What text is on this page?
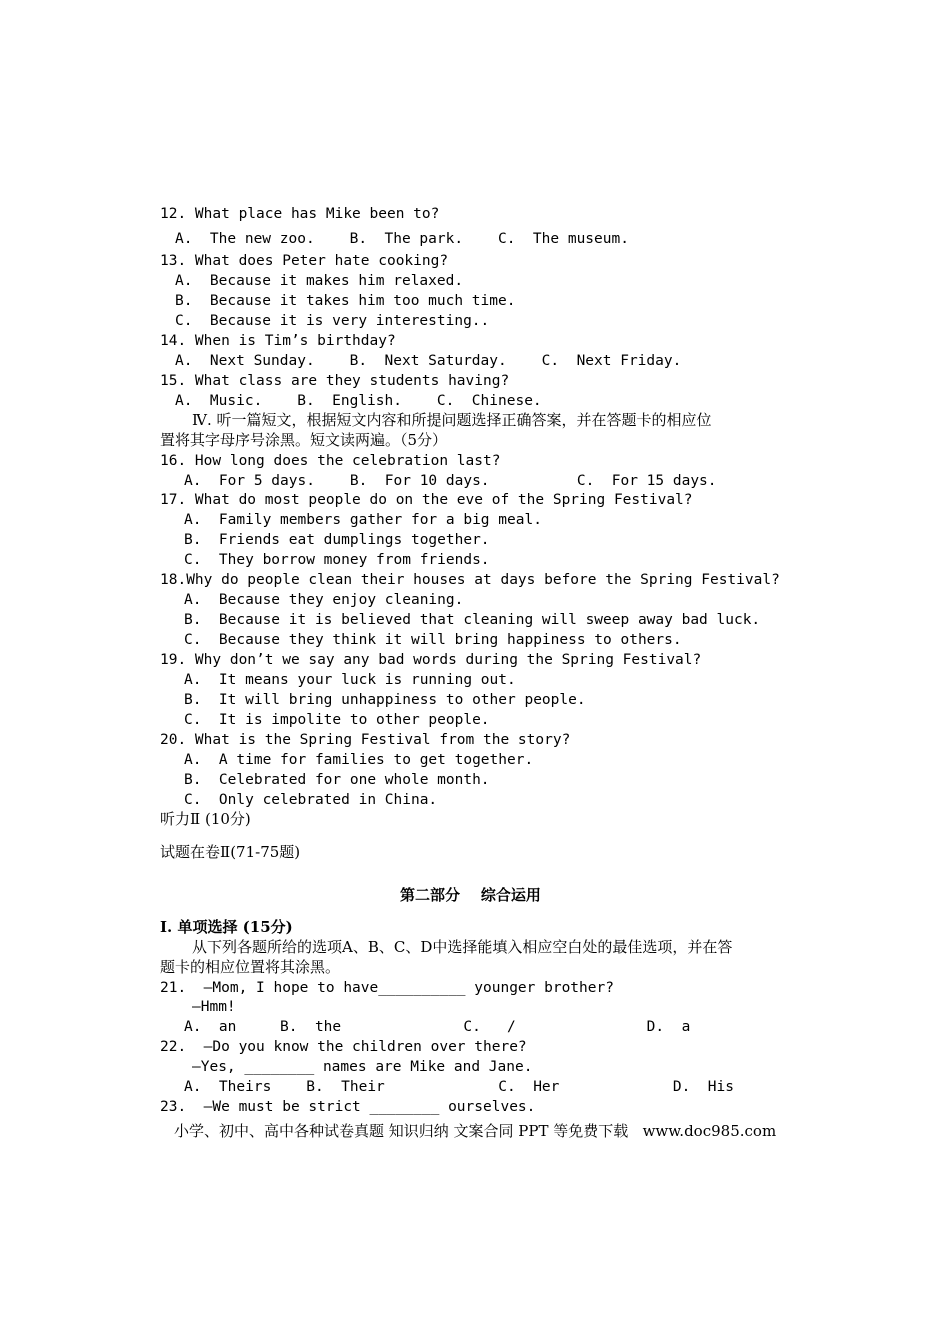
12. What place has Mike been to?
A.  The new zoo.    B.  The park.    C.  The museum.
13. What does Peter hate cooking?
A.  Because it makes him relaxed.
B.  Because it takes him too much time.
C.  Because it is very interesting..
14. When is Tim’s birthday?
A.  Next Sunday.    B.  Next Saturday.    C.  Next Friday.
15. What class are they students having?
A.  Music.    B.  English.    C.  Chinese.
Ⅳ. 听一篇短文，根据短文内容和所提问题选择正确答案，并在答题卡的相应位
置将其字母序号涂黑。短文读两遍。（5分）
16. How long does the celebration last?
A.  For 5 days.    B.  For 10 days.          C.  For 15 days.
17. What do most people do on the eve of the Spring Festival?
A.  Family members gather for a big meal.
B.  Friends eat dumplings together.
C.  They borrow money from friends.
18.Why do people clean their houses at days before the Spring Festival?
A.  Because they enjoy cleaning.
B.  Because it is believed that cleaning will sweep away bad luck.
C.  Because they think it will bring happiness to others.
19. Why don’t we say any bad words during the Spring Festival?
A.  It means your luck is running out.
B.  It will bring unhappiness to other people.
C.  It is impolite to other people.
20. What is the Spring Festival from the story?
A.  A time for families to get together.
B.  Celebrated for one whole month.
C.  Only celebrated in China.
听力Ⅱ (10分)
试题在卷Ⅱ(71-75题)
第二部分    综合运用
Ⅰ. 单项选择 (15分)
从下列各题所给的选项A、B、C、D中选择能填入相应空白处的最佳选项，并在答
题卡的相应位置将其涂黑。
21.  —Mom, I hope to have__________ younger brother?
—Hmm!
A.  an     B.  the              C.   /               D.  a
22.  —Do you know the children over there?
—Yes, ________ names are Mike and Jane.
A.  Theirs    B.  Their             C.  Her             D.  His
23.  —We must be strict ________ ourselves.
小学、初中、高中各种试卷真题 知识归纳 文案合同 PPT 等免费下载   www.doc985.com
